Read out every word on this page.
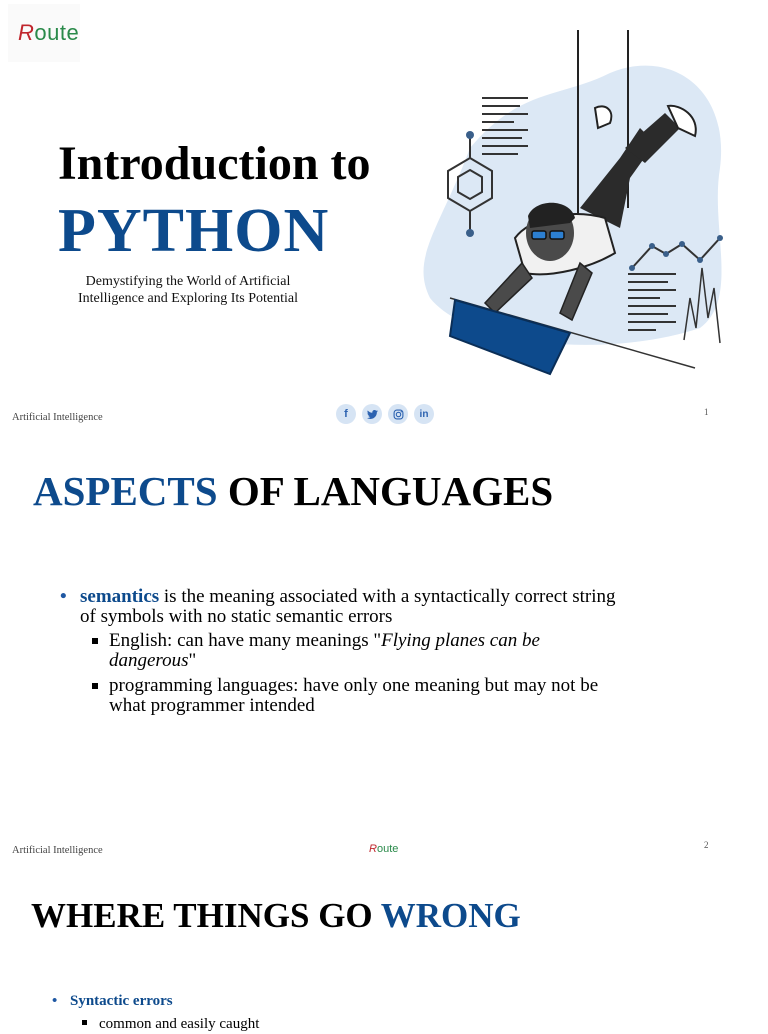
Route
Introduction to
PYTHON
Demystifying the World of Artificial
Intelligence and Exploring Its Potential
Artificial Intelligence	f	in	1
ASPECTS OF LANGUAGES
• semantics is the meaning associated with a syntactically correct string
of symbols with no static semantic errors
English: can have many meanings "Flying planes can be
dangerous"
programming languages: have only one meaning but may not be
what programmer intended
Artificial Intelligence	Route	2
WHERE THINGS GO WRONG
• Syntactic errors
common and easily caught
